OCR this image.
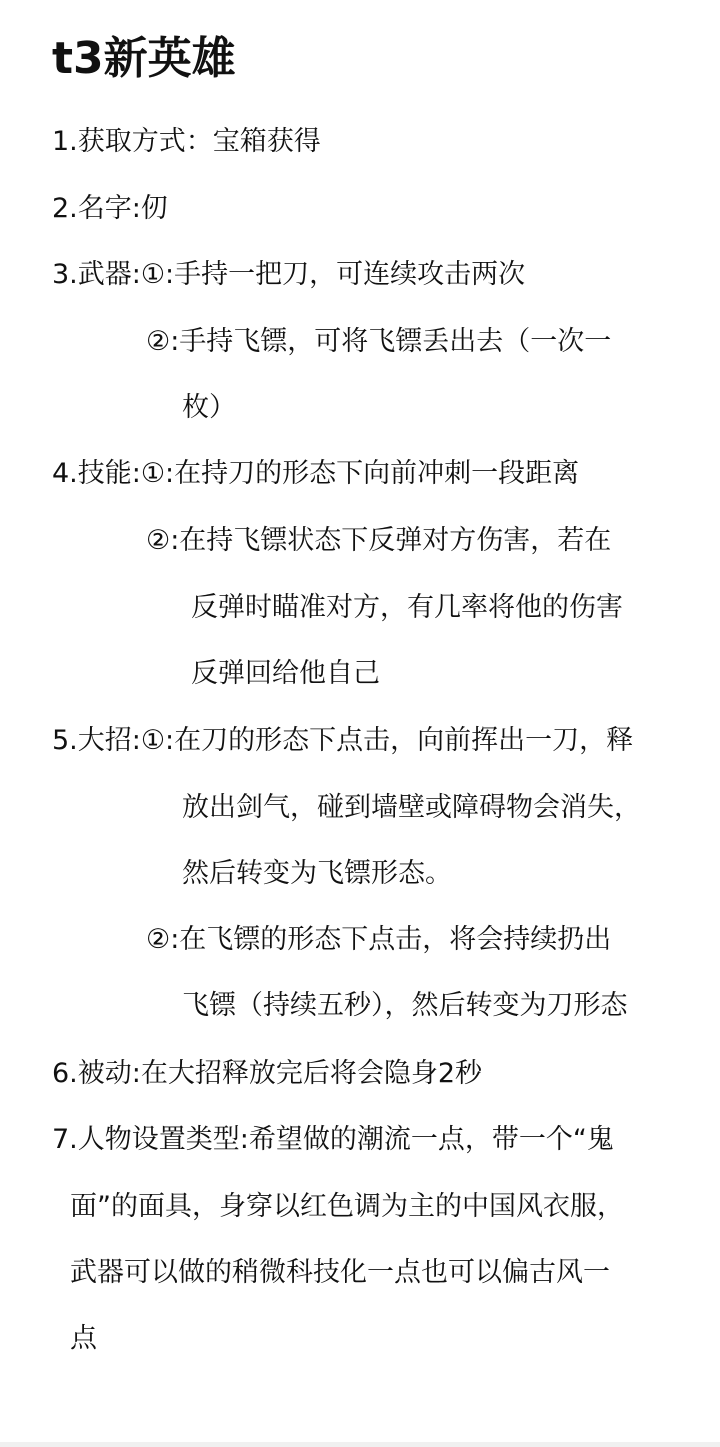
t3新英雄

1.获取方式：宝箱获得

2.名字:仞

3.武器:①:手持一把刀，可连续攻击两次

②:手持飞镖，可将飞镖丢出去（一次一

枚）

4.技能:①:在持刀的形态下向前冲刺一段距离

②:在持飞镖状态下反弹对方伤害，若在

反弹时瞄准对方，有几率将他的伤害

反弹回给他自己

5.大招:①:在刀的形态下点击，向前挥出一刀，释

放出剑气，碰到墙壁或障碍物会消失，

然后转变为飞镖形态。

②:在飞镖的形态下点击，将会持续扔出

飞镖（持续五秒），然后转变为刀形态

6.被动:在大招释放完后将会隐身2秒

7.人物设置类型:希望做的潮流一点，带一个“鬼

面”的面具，身穿以红色调为主的中国风衣服，

武器可以做的稍微科技化一点也可以偏古风一

点
